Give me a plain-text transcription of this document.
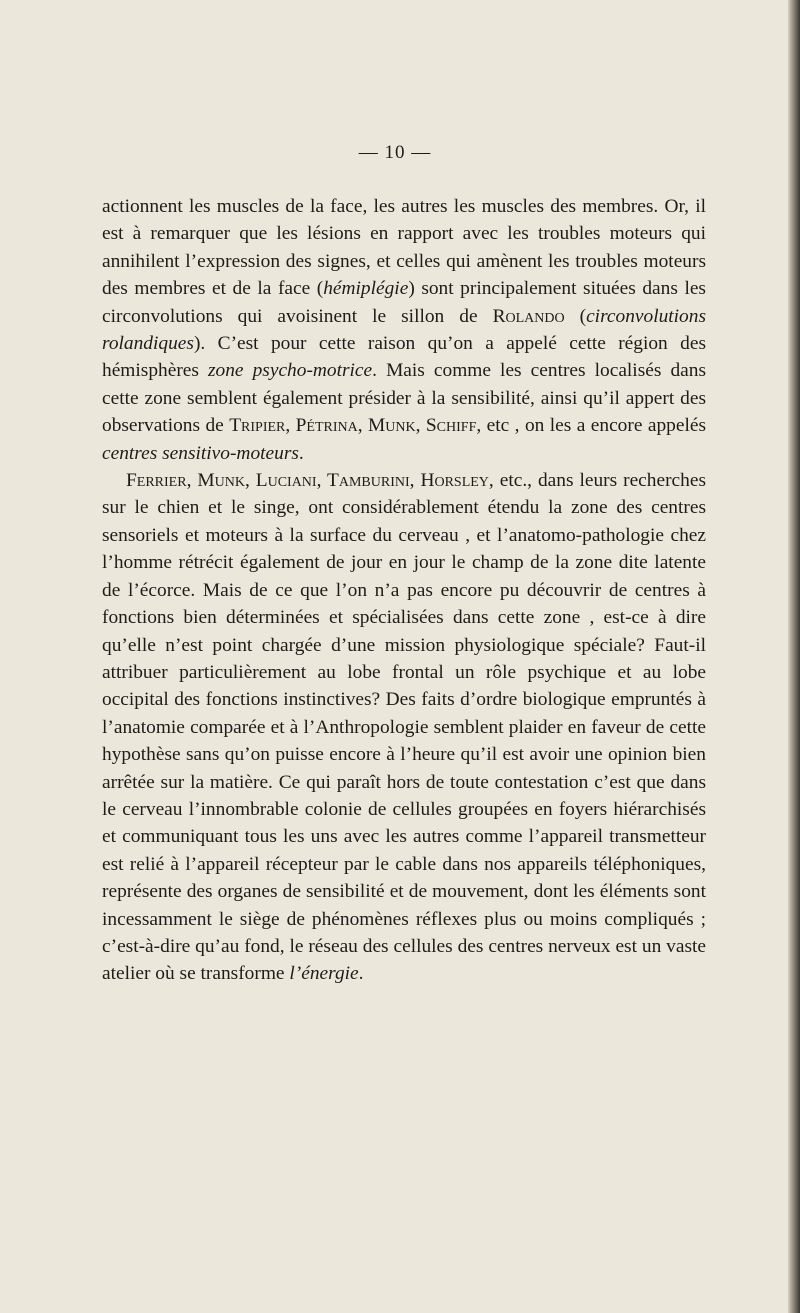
— 10 —

actionnent les muscles de la face, les autres les muscles des membres. Or, il est à remarquer que les lésions en rapport avec les troubles moteurs qui annihilent l’expression des signes, et celles qui amènent les troubles moteurs des membres et de la face (hémiplégie) sont principalement situées dans les circonvolutions qui avoisinent le sillon de Rolando (circonvolutions rolandiques). C’est pour cette raison qu’on a appelé cette région des hémisphères zone psycho-motrice. Mais comme les centres localisés dans cette zone semblent également présider à la sensibilité, ainsi qu’il appert des observations de Tripier, Pétrina, Munk, Schiff, etc , on les a encore appelés centres sensitivo-moteurs.

Ferrier, Munk, Luciani, Tamburini, Horsley, etc., dans leurs recherches sur le chien et le singe, ont considérablement étendu la zone des centres sensoriels et moteurs à la surface du cerveau , et l’anatomo-pathologie chez l’homme rétrécit également de jour en jour le champ de la zone dite latente de l’écorce. Mais de ce que l’on n’a pas encore pu découvrir de centres à fonctions bien déterminées et spécialisées dans cette zone , est-ce à dire qu’elle n’est point chargée d’une mission physiologique spéciale? Faut-il attribuer particulièrement au lobe frontal un rôle psychique et au lobe occipital des fonctions instinctives? Des faits d’ordre biologique empruntés à l’anatomie comparée et à l’Anthropologie semblent plaider en faveur de cette hypothèse sans qu’on puisse encore à l’heure qu’il est avoir une opinion bien arrêtée sur la matière. Ce qui paraît hors de toute contestation c’est que dans le cerveau l’innombrable colonie de cellules groupées en foyers hiérarchisés et communiquant tous les uns avec les autres comme l’appareil transmetteur est relié à l’appareil récepteur par le cable dans nos appareils téléphoniques, représente des organes de sensibilité et de mouvement, dont les éléments sont incessamment le siège de phénomènes réflexes plus ou moins compliqués ; c’est-à-dire qu’au fond, le réseau des cellules des centres nerveux est un vaste atelier où se transforme l’énergie.
